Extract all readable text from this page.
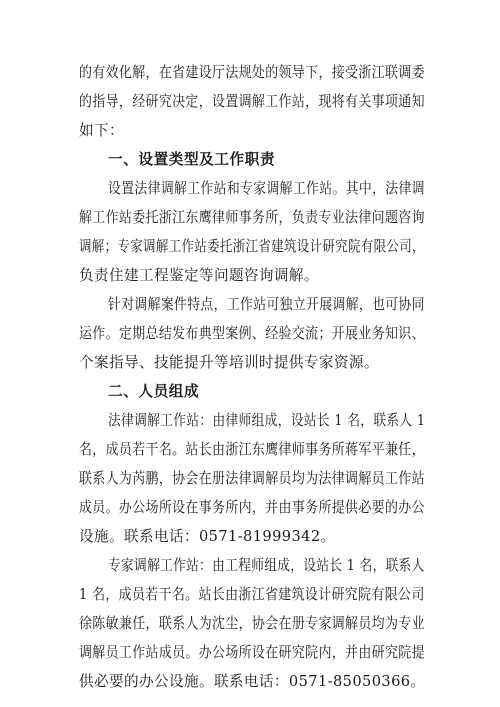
的有效化解，在省建设厅法规处的领导下，接受浙江联调委
的指导，经研究决定，设置调解工作站，现将有关事项通知
如下：
一、设置类型及工作职责
设置法律调解工作站和专家调解工作站。其中，法律调
解工作站委托浙江东鹰律师事务所，负责专业法律问题咨询
调解；专家调解工作站委托浙江省建筑设计研究院有限公司，
负责住建工程鉴定等问题咨询调解。
针对调解案件特点，工作站可独立开展调解，也可协同
运作。定期总结发布典型案例、经验交流；开展业务知识、
个案指导、技能提升等培训时提供专家资源。
二、人员组成
法律调解工作站：由律师组成，设站长 1 名，联系人 1
名，成员若干名。站长由浙江东鹰律师事务所蒋军平兼任，
联系人为芮鹏，协会在册法律调解员均为法律调解员工作站
成员。办公场所设在事务所内，并由事务所提供必要的办公
设施。联系电话：0571-81999342。
专家调解工作站：由工程师组成，设站长 1 名，联系人
1 名，成员若干名。站长由浙江省建筑设计研究院有限公司
徐陈敏兼任，联系人为沈尘，协会在册专家调解员均为专业
调解员工作站成员。办公场所设在研究院内，并由研究院提
供必要的办公设施。联系电话：0571-85050366。
